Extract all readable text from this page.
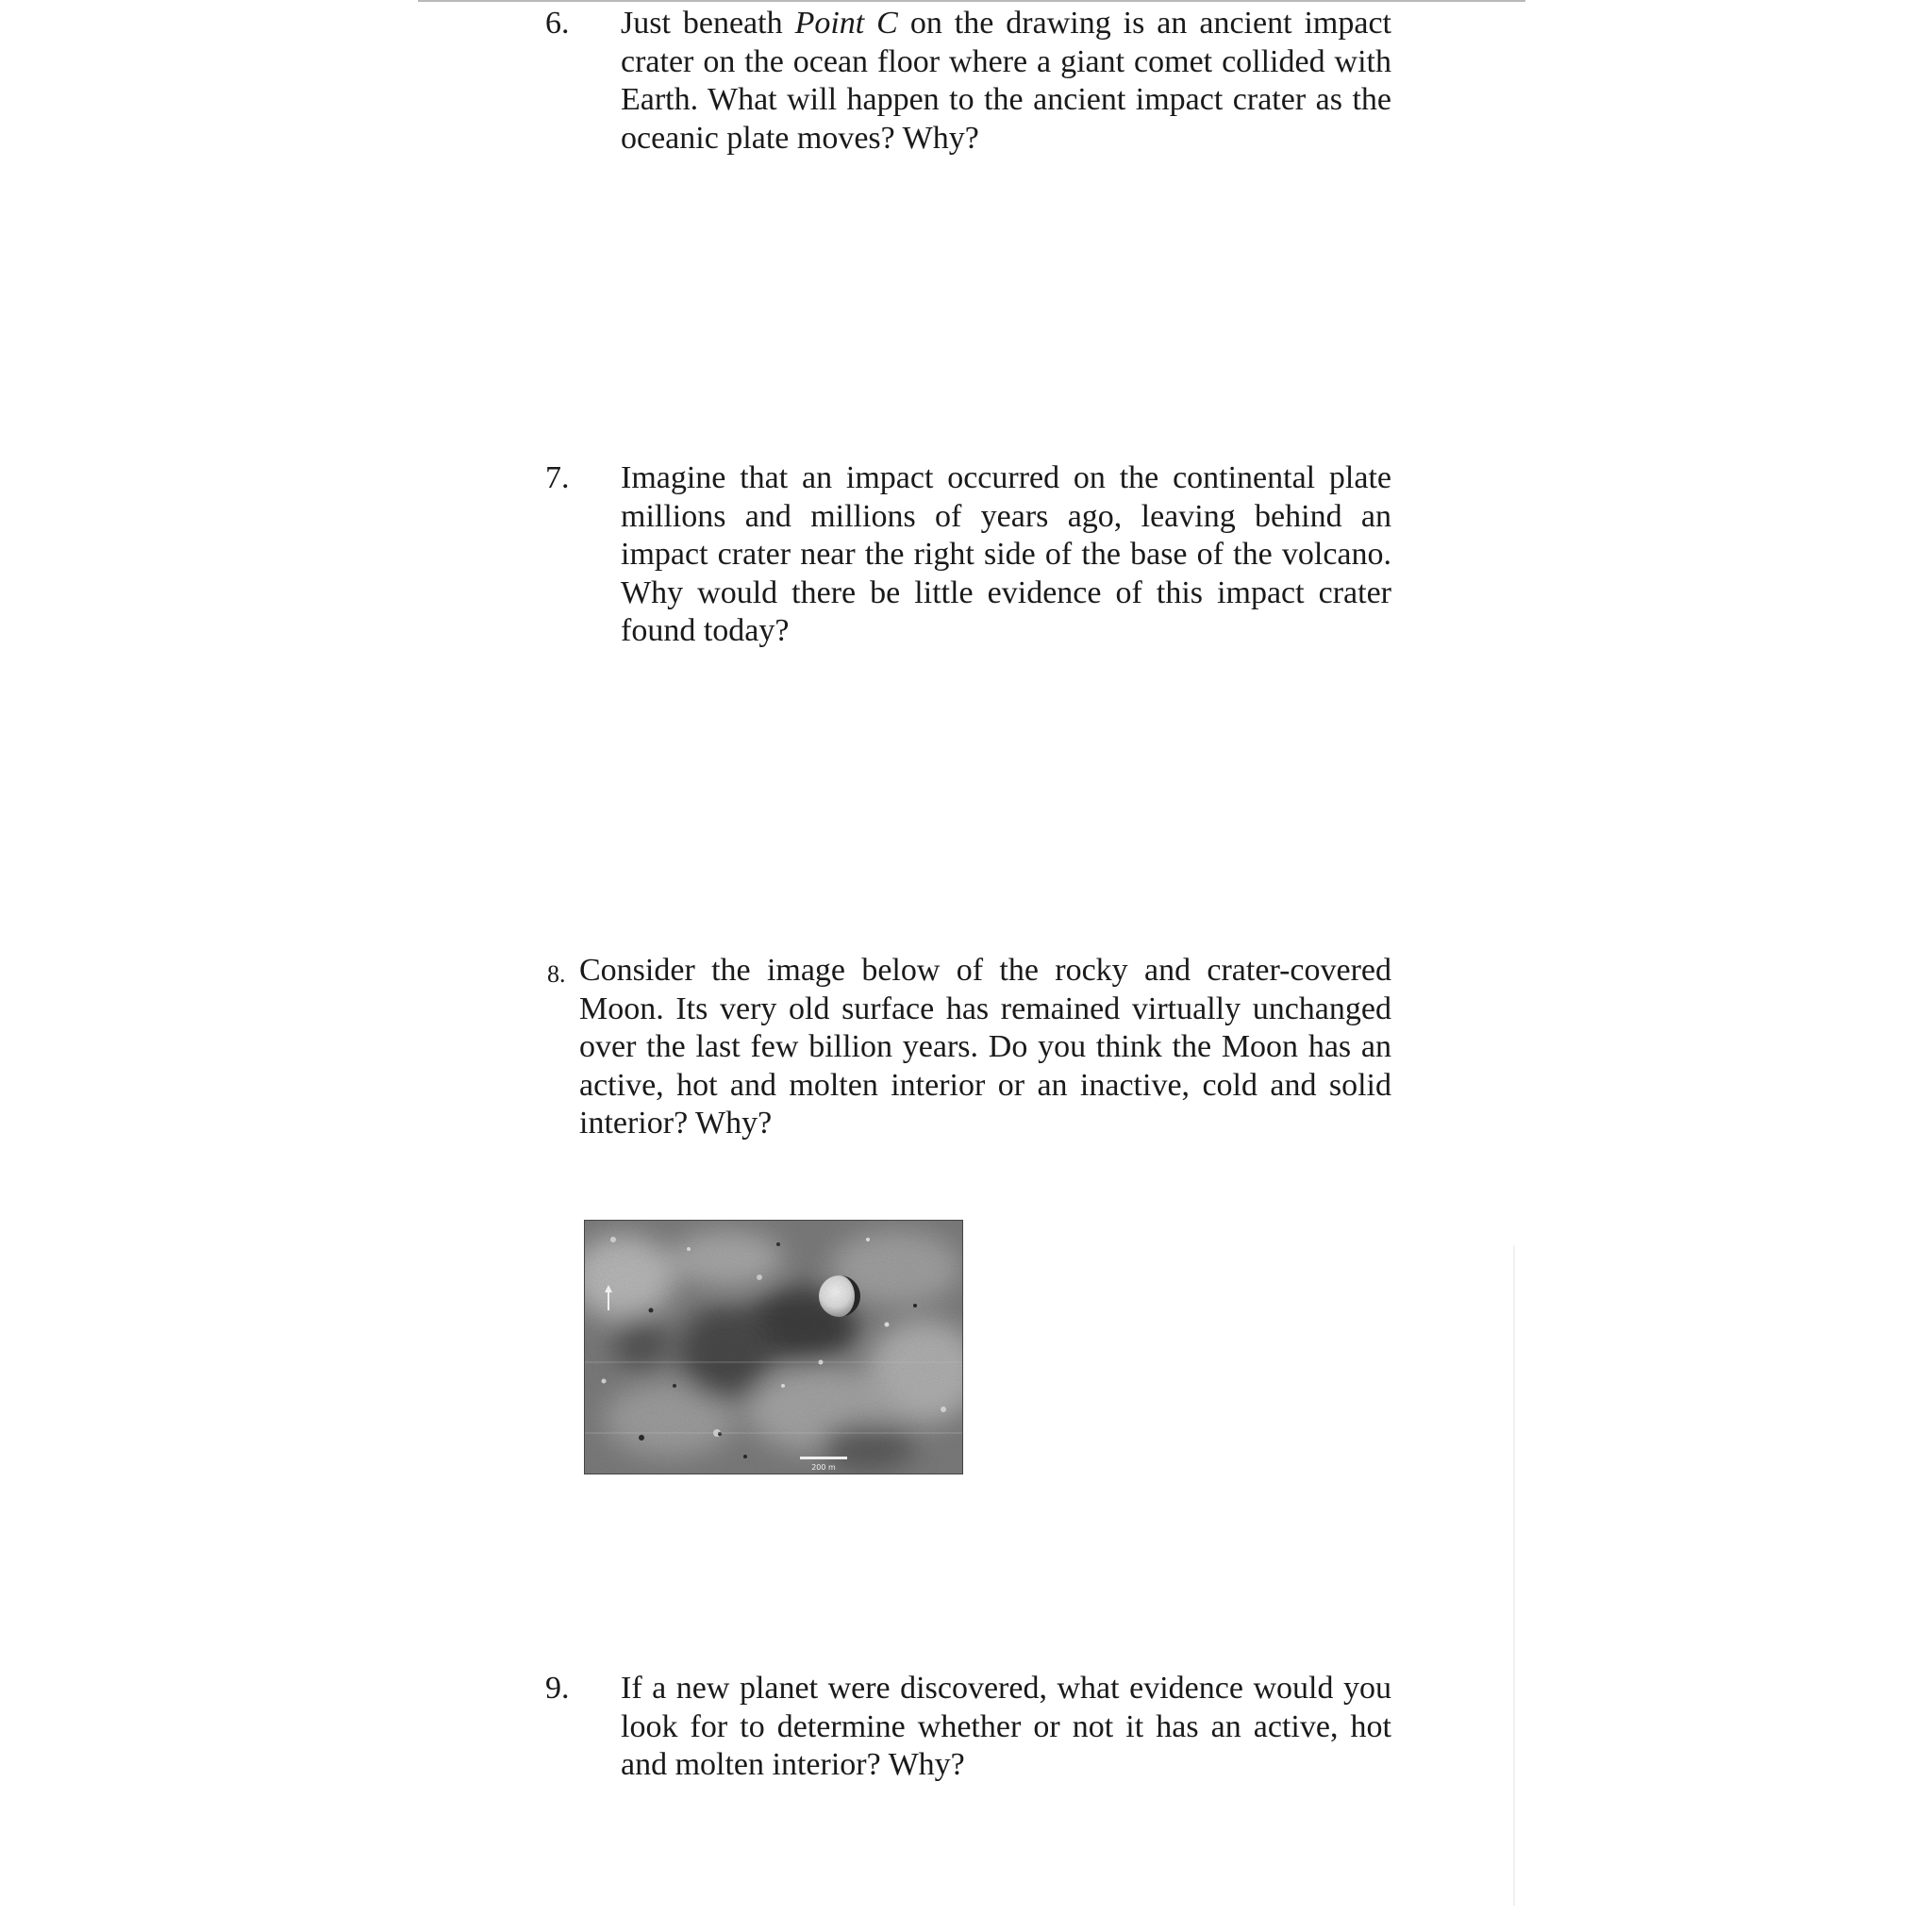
6.	Just beneath Point C on the drawing is an ancient impact crater on the ocean floor where a giant comet collided with Earth. What will happen to the ancient impact crater as the oceanic plate moves? Why?
7.	Imagine that an impact occurred on the continental plate millions and millions of years ago, leaving behind an impact crater near the right side of the base of the volcano. Why would there be little evidence of this impact crater found today?
8. Consider the image below of the rocky and crater-covered Moon. Its very old surface has remained virtually unchanged over the last few billion years. Do you think the Moon has an active, hot and molten interior or an inactive, cold and solid interior? Why?
200 m
9.	If a new planet were discovered, what evidence would you look for to determine whether or not it has an active, hot and molten interior? Why?
